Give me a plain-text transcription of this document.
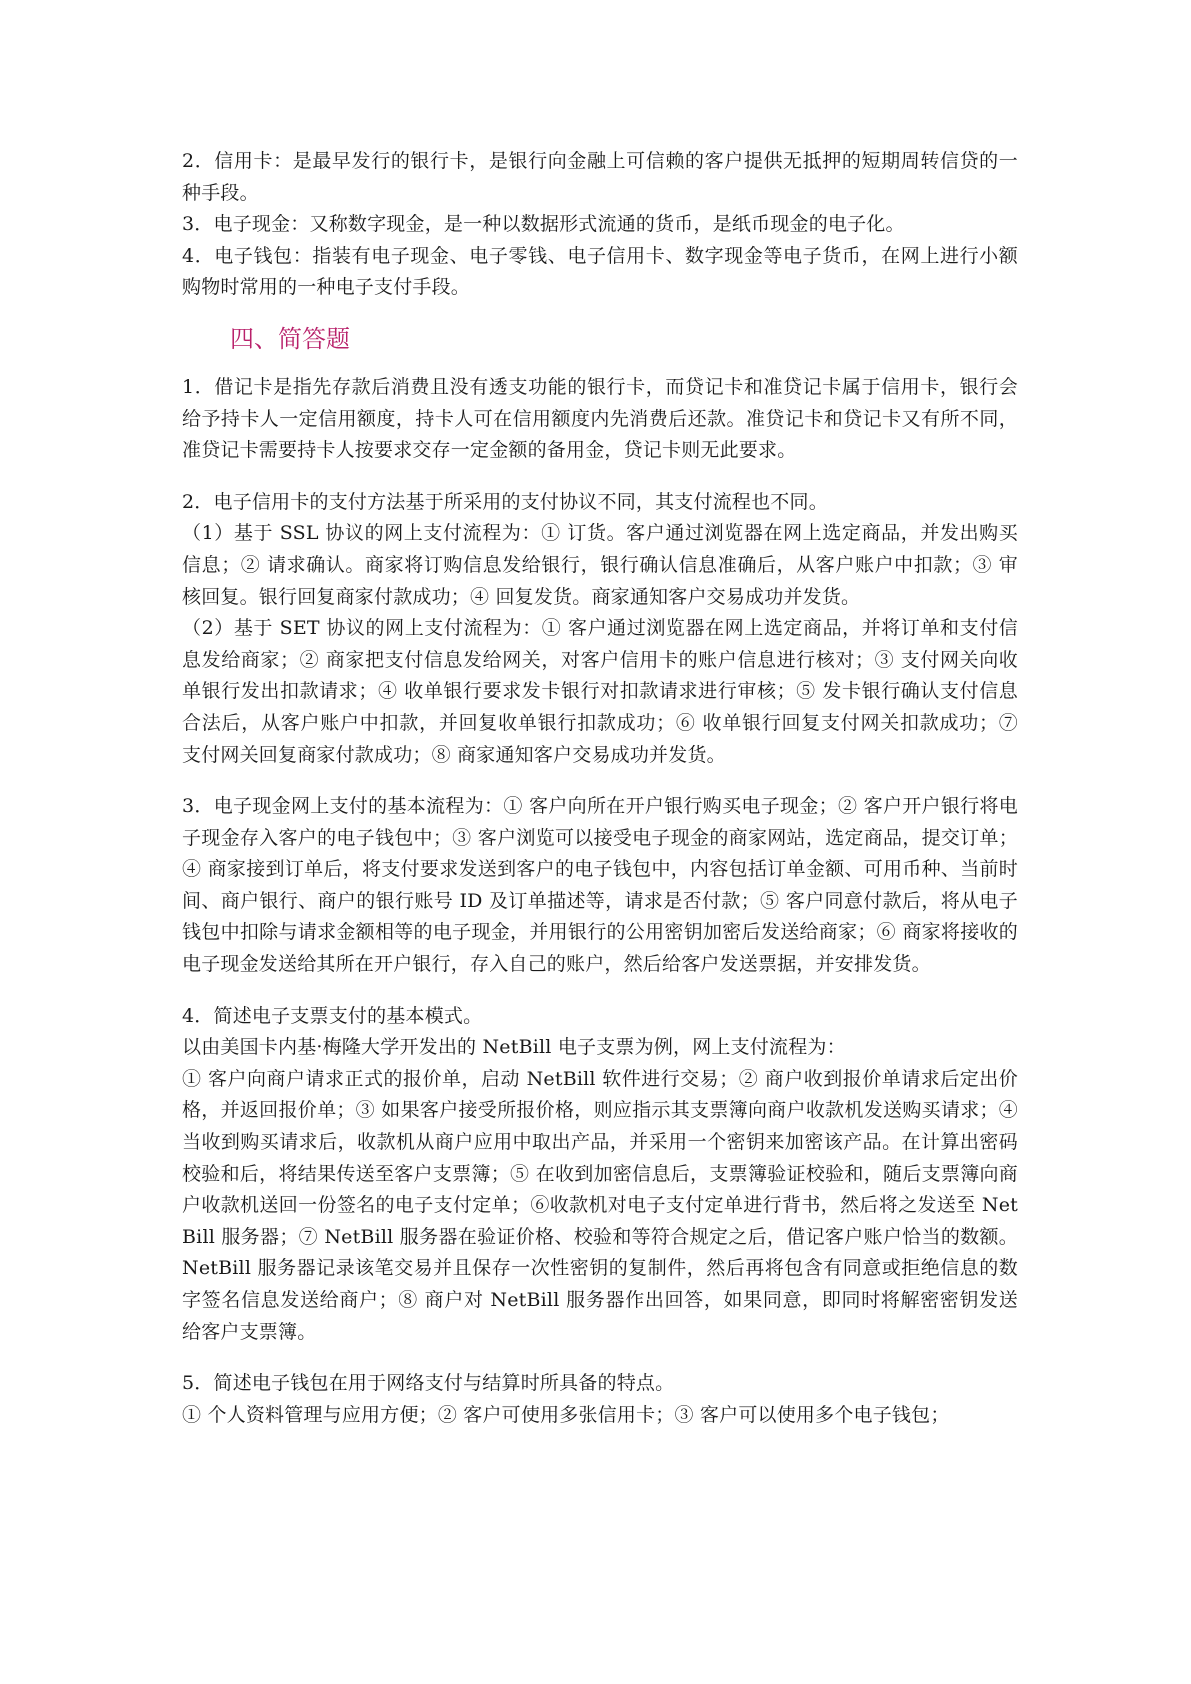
2．信用卡：是最早发行的银行卡，是银行向金融上可信赖的客户提供无抵押的短期周转信贷的一种手段。

3．电子现金：又称数字现金，是一种以数据形式流通的货币，是纸币现金的电子化。

4．电子钱包：指装有电子现金、电子零钱、电子信用卡、数字现金等电子货币，在网上进行小额购物时常用的一种电子支付手段。

四、简答题

1．借记卡是指先存款后消费且没有透支功能的银行卡，而贷记卡和准贷记卡属于信用卡，银行会给予持卡人一定信用额度，持卡人可在信用额度内先消费后还款。准贷记卡和贷记卡又有所不同，准贷记卡需要持卡人按要求交存一定金额的备用金，贷记卡则无此要求。

2．电子信用卡的支付方法基于所采用的支付协议不同，其支付流程也不同。

（1）基于 SSL 协议的网上支付流程为：① 订货。客户通过浏览器在网上选定商品，并发出购买信息；② 请求确认。商家将订购信息发给银行，银行确认信息准确后，从客户账户中扣款；③ 审核回复。银行回复商家付款成功；④ 回复发货。商家通知客户交易成功并发货。

（2）基于 SET 协议的网上支付流程为：① 客户通过浏览器在网上选定商品，并将订单和支付信息发给商家；② 商家把支付信息发给网关，对客户信用卡的账户信息进行核对；③ 支付网关向收单银行发出扣款请求；④ 收单银行要求发卡银行对扣款请求进行审核；⑤ 发卡银行确认支付信息合法后，从客户账户中扣款，并回复收单银行扣款成功；⑥ 收单银行回复支付网关扣款成功；⑦ 支付网关回复商家付款成功；⑧ 商家通知客户交易成功并发货。

3．电子现金网上支付的基本流程为：① 客户向所在开户银行购买电子现金；② 客户开户银行将电子现金存入客户的电子钱包中；③ 客户浏览可以接受电子现金的商家网站，选定商品，提交订单；④ 商家接到订单后，将支付要求发送到客户的电子钱包中，内容包括订单金额、可用币种、当前时间、商户银行、商户的银行账号 ID 及订单描述等，请求是否付款；⑤ 客户同意付款后，将从电子钱包中扣除与请求金额相等的电子现金，并用银行的公用密钥加密后发送给商家；⑥ 商家将接收的电子现金发送给其所在开户银行，存入自己的账户，然后给客户发送票据，并安排发货。

4．简述电子支票支付的基本模式。

以由美国卡内基·梅隆大学开发出的 NetBill 电子支票为例，网上支付流程为：

① 客户向商户请求正式的报价单，启动 NetBill 软件进行交易；② 商户收到报价单请求后定出价格，并返回报价单；③ 如果客户接受所报价格，则应指示其支票簿向商户收款机发送购买请求；④ 当收到购买请求后，收款机从商户应用中取出产品，并采用一个密钥来加密该产品。在计算出密码校验和后，将结果传送至客户支票簿；⑤ 在收到加密信息后，支票簿验证校验和，随后支票簿向商户收款机送回一份签名的电子支付定单；⑥收款机对电子支付定单进行背书，然后将之发送至 NetBill 服务器；⑦ NetBill 服务器在验证价格、校验和等符合规定之后，借记客户账户恰当的数额。NetBill 服务器记录该笔交易并且保存一次性密钥的复制件，然后再将包含有同意或拒绝信息的数字签名信息发送给商户；⑧ 商户对 NetBill 服务器作出回答，如果同意，即同时将解密密钥发送给客户支票簿。

5．简述电子钱包在用于网络支付与结算时所具备的特点。

① 个人资料管理与应用方便；② 客户可使用多张信用卡；③ 客户可以使用多个电子钱包；
